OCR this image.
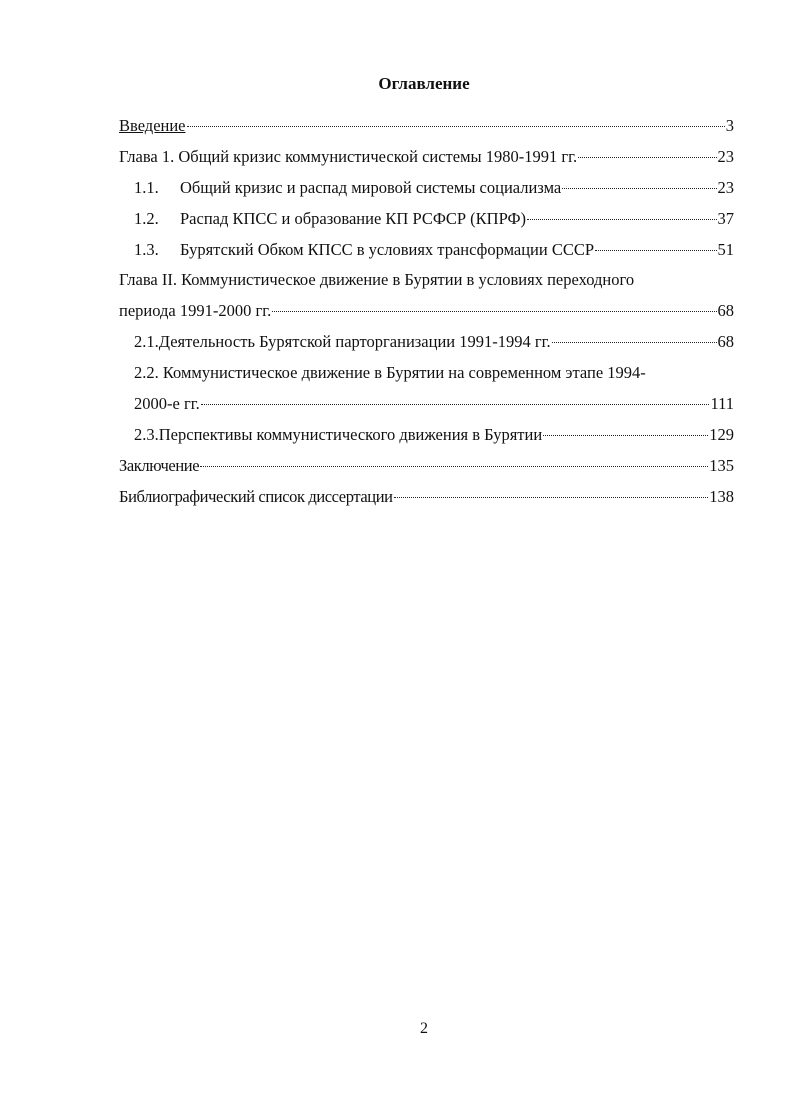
Оглавление
Введение	3
Глава 1. Общий кризис коммунистической системы 1980-1991 гг.	23
1.1.	Общий кризис и распад мировой системы социализма	23
1.2.	Распад КПСС и образование КП РСФСР (КПРФ)	37
1.3.	Бурятский Обком КПСС в условиях трансформации СССР	51
Глава II. Коммунистическое движение в Бурятии в условиях переходного
периода 1991-2000 гг.	68
2.1.Деятельность Бурятской парторганизации 1991-1994 гг.	68
2.2. Коммунистическое движение в Бурятии на современном этапе 1994-
2000-е гг.	111
2.3.Перспективы коммунистического движения в Бурятии	129
Заключение	135
Библиографический список диссертации	138
2
